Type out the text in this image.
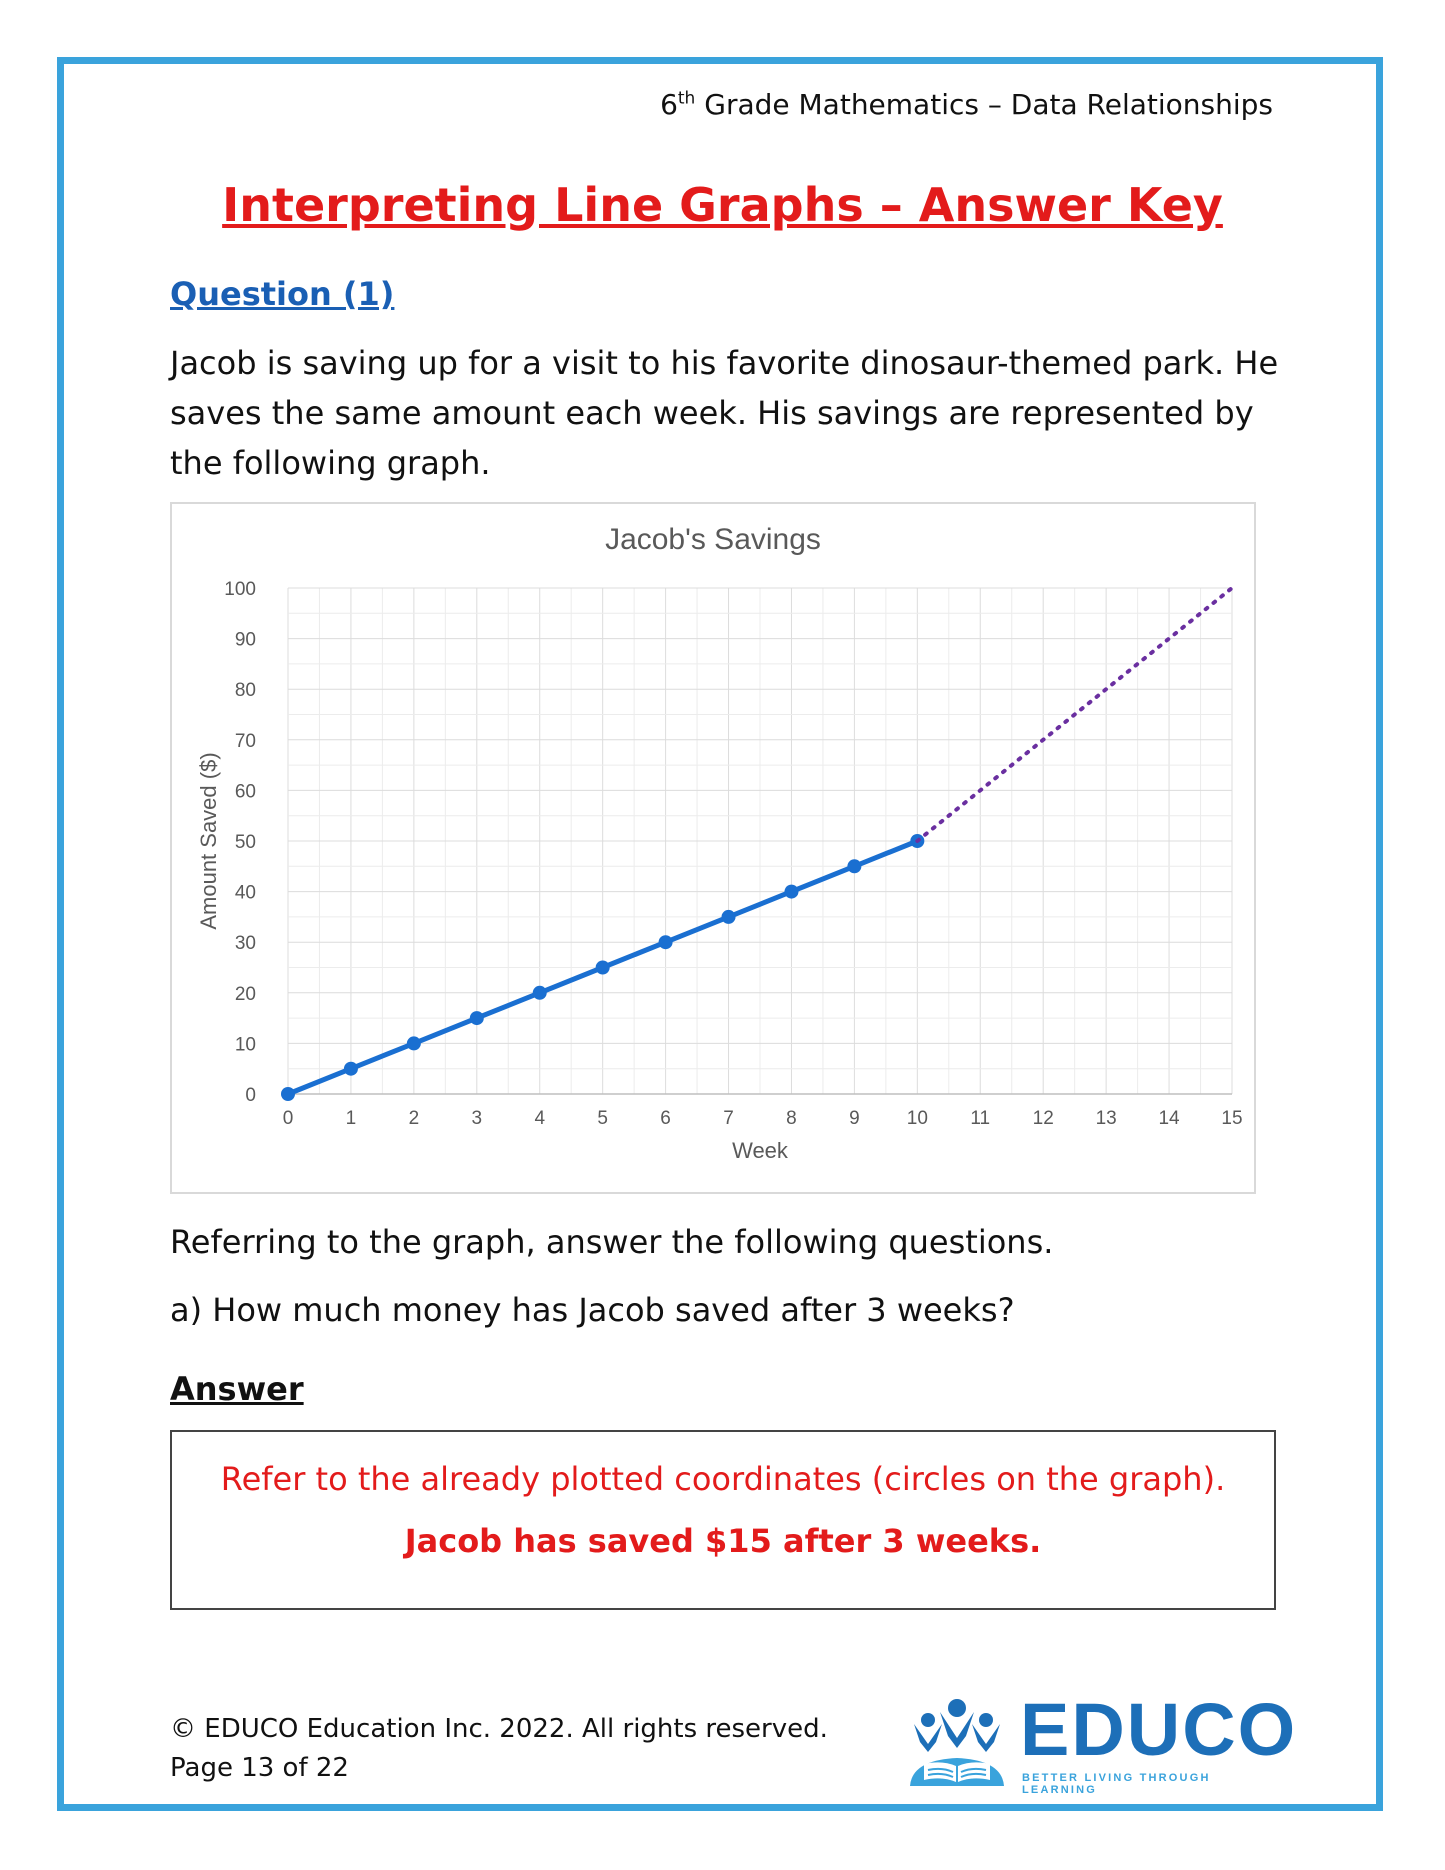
6th Grade Mathematics – Data Relationships
Interpreting Line Graphs – Answer Key
Question (1)
Jacob is saving up for a visit to his favorite dinosaur-themed park. He saves the same amount each week. His savings are represented by the following graph.
Jacob's Savings
0
10
20
30
40
50
60
70
80
90
100
0	1	2	3	4	5	6	7	8	9 10 11 12 13 14 15
Week
Amount Saved ($)
Referring to the graph, answer the following questions.
a) How much money has Jacob saved after 3 weeks?
Answer
Refer to the already plotted coordinates (circles on the graph).
Jacob has saved $15 after 3 weeks.
© EDUCO Education Inc. 2022. All rights reserved.
Page 13 of 22	EDUCO
BETTER LIVING THROUGH LEARNING
